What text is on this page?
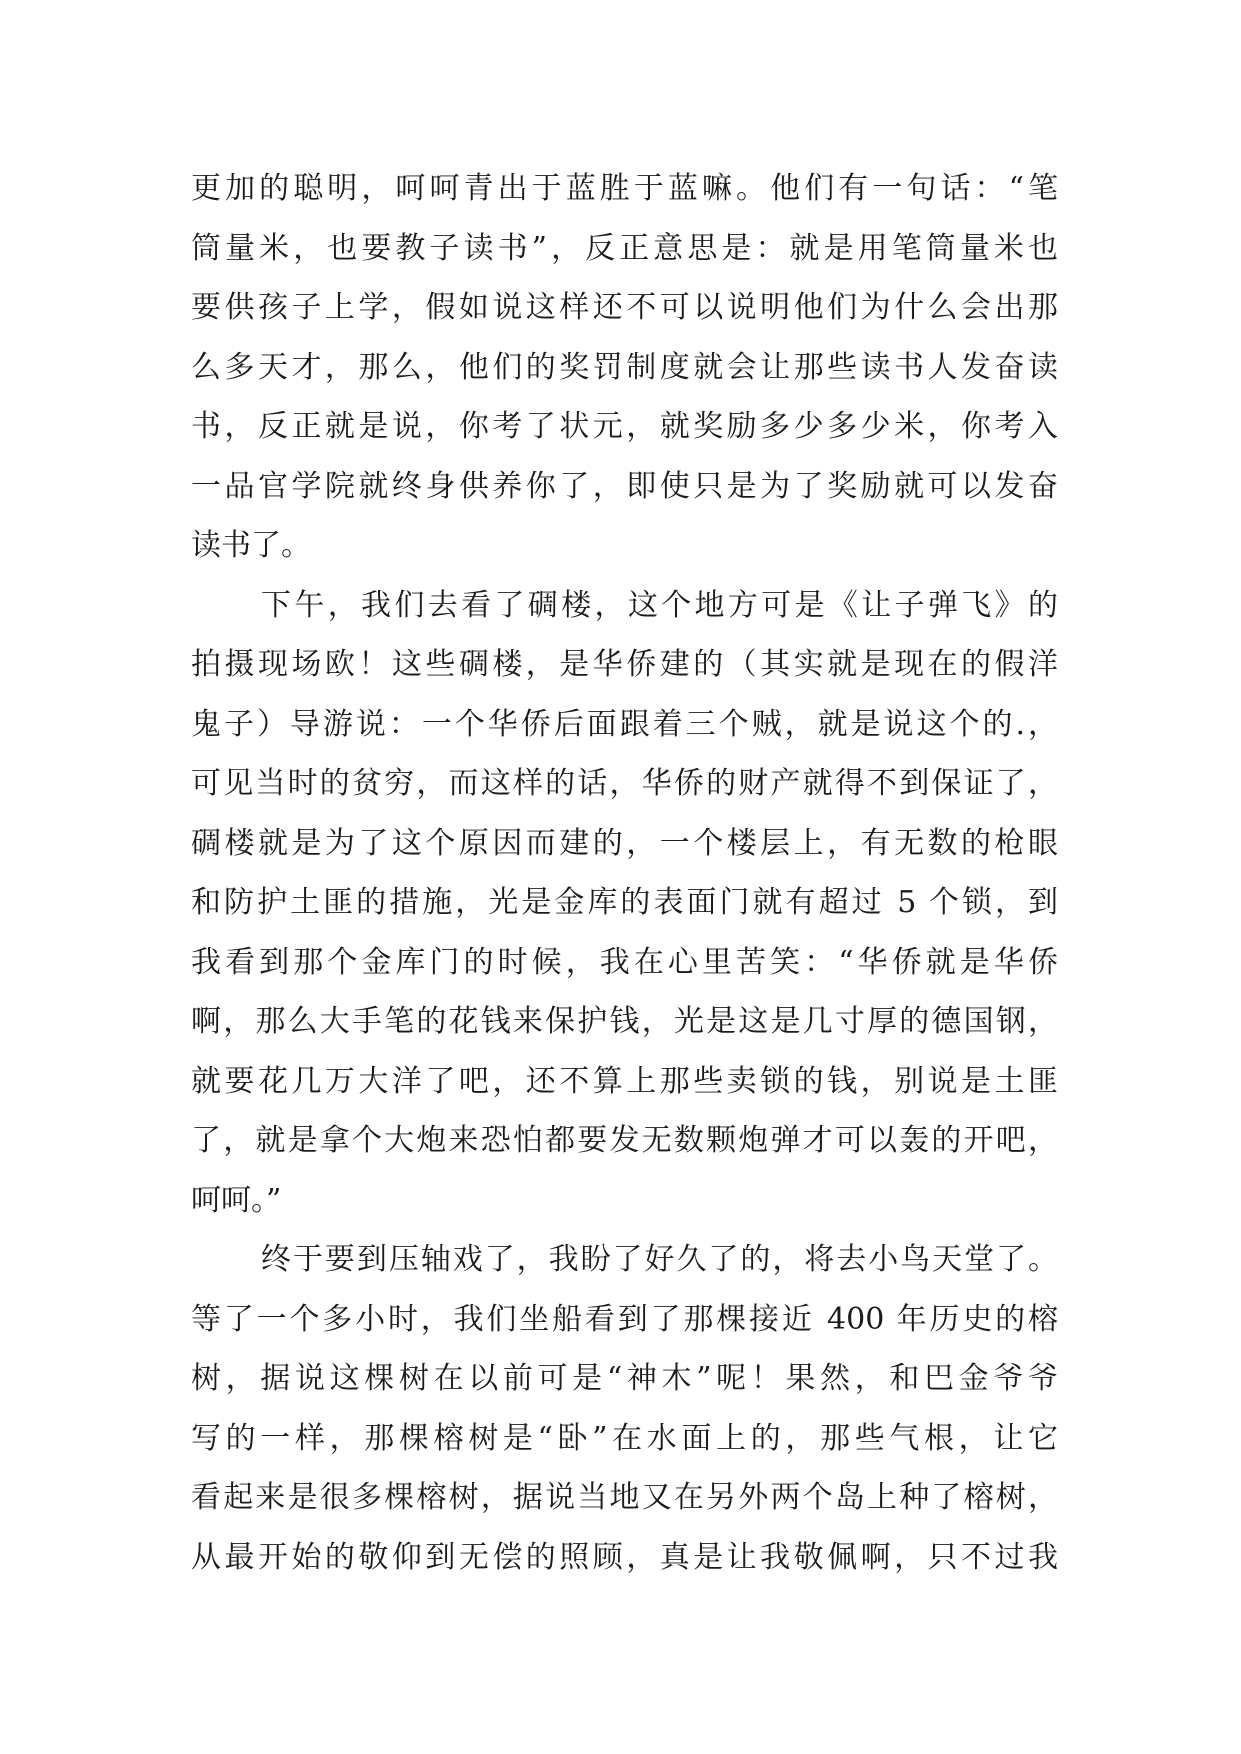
更加的聪明，呵呵青出于蓝胜于蓝嘛。他们有一句话：“笔
筒量米，也要教子读书”，反正意思是：就是用笔筒量米也
要供孩子上学，假如说这样还不可以说明他们为什么会出那
么多天才，那么，他们的奖罚制度就会让那些读书人发奋读
书，反正就是说，你考了状元，就奖励多少多少米，你考入
一品官学院就终身供养你了，即使只是为了奖励就可以发奋
读书了。
下午，我们去看了碉楼，这个地方可是《让子弹飞》的
拍摄现场欧！这些碉楼，是华侨建的（其实就是现在的假洋
鬼子）导游说：一个华侨后面跟着三个贼，就是说这个的.，
可见当时的贫穷，而这样的话，华侨的财产就得不到保证了，
碉楼就是为了这个原因而建的，一个楼层上，有无数的枪眼
和防护土匪的措施，光是金库的表面门就有超过 5 个锁，到
我看到那个金库门的时候，我在心里苦笑：“华侨就是华侨
啊，那么大手笔的花钱来保护钱，光是这是几寸厚的德国钢，
就要花几万大洋了吧，还不算上那些卖锁的钱，别说是土匪
了，就是拿个大炮来恐怕都要发无数颗炮弹才可以轰的开吧，
呵呵。”
终于要到压轴戏了，我盼了好久了的，将去小鸟天堂了。
等了一个多小时，我们坐船看到了那棵接近 400 年历史的榕
树，据说这棵树在以前可是“神木”呢！果然，和巴金爷爷
写的一样，那棵榕树是“卧”在水面上的，那些气根，让它
看起来是很多棵榕树，据说当地又在另外两个岛上种了榕树，
从最开始的敬仰到无偿的照顾，真是让我敬佩啊，只不过我
